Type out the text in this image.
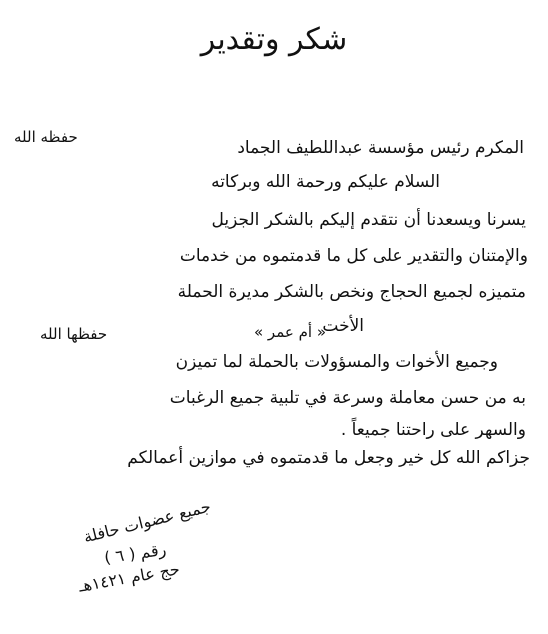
شكر وتقدير
حفظه الله
المكرم رئيس مؤسسة عبداللطيف الجماد
السلام عليكم ورحمة الله وبركاته
يسرنا ويسعدنا أن نتقدم إليكم بالشكر الجزيل
والإمتنان والتقدير على كل ما قدمتموه من خدمات
متميزه لجميع الحجاج ونخص بالشكر مديرة الحملة
الأخت
« أم عمر »
حفظها الله
وجميع الأخوات والمسؤولات بالحملة لما تميزن
به من حسن معاملة وسرعة في تلبية جميع الرغبات
والسهر على راحتنا جميعاً .
جزاكم الله كل خير وجعل ما قدمتموه في موازين أعمالكم
جميع عضوات حافلة
رقم ( ٦ )
حج عام ١٤٢١هـ
